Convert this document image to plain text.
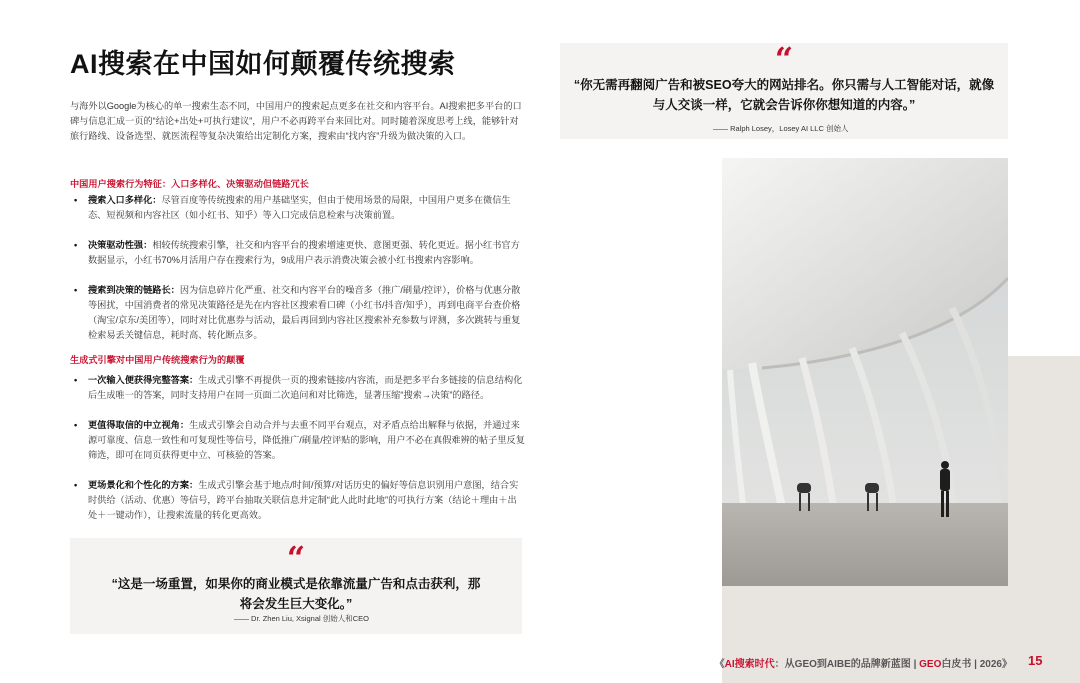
AI搜索在中国如何颠覆传统搜索
与海外以Google为核心的单一搜索生态不同，中国用户的搜索起点更多在社交和内容平台。AI搜索把多平台的口碑与信息汇成一页的“结论+出处+可执行建议”，用户不必再跨平台来回比对。同时随着深度思考上线，能够针对旅行路线、设备选型、就医流程等复杂决策给出定制化方案，搜索由“找内容”升级为做决策的入口。
中国用户搜索行为特征：入口多样化、决策驱动但链路冗长
• 搜索入口多样化：尽管百度等传统搜索的用户基础坚实，但由于使用场景的局限，中国用户更多在微信生态、短视频和内容社区（如小红书、知乎）等入口完成信息检索与决策前置。
• 决策驱动性强：相较传统搜索引擎，社交和内容平台的搜索增速更快、意图更强、转化更近。据小红书官方数据显示，小红书70%月活用户存在搜索行为，9成用户表示消费决策会被小红书搜索内容影响。
• 搜索到决策的链路长：因为信息碎片化严重、社交和内容平台的噪音多（推广/刷量/控评），价格与优惠分散等困扰，中国消费者的常见决策路径是先在内容社区搜索看口碑（小红书/抖音/知乎），再到电商平台查价格（淘宝/京东/美团等），同时对比优惠券与活动，最后再回到内容社区搜索补充参数与评测，多次跳转与重复检索易丢关键信息，耗时高、转化断点多。
生成式引擎对中国用户传统搜索行为的颠覆
• 一次输入便获得完整答案：生成式引擎不再提供一页的搜索链接/内容流，而是把多平台多链接的信息结构化后生成唯一的答案，同时支持用户在同一页面二次追问和对比筛选，显著压缩“搜索→决策”的路径。
• 更值得取信的中立视角：生成式引擎会自动合并与去重不同平台观点，对矛盾点给出解释与依据，并通过来源可靠度、信息一致性和可复现性等信号，降低推广/刷量/控评贴的影响，用户不必在真假难辨的帖子里反复筛选，即可在同页获得更中立、可核验的答案。
• 更场景化和个性化的方案：生成式引擎会基于地点/时间/预算/对话历史的偏好等信息识别用户意图，结合实时供给（活动、优惠）等信号，跨平台抽取关联信息并定制“此人此时此地”的可执行方案（结论＋理由＋出处＋一键动作），让搜索流量的转化更高效。
“
“这是一场重置，如果你的商业模式是依靠流量广告和点击获利，那将会发生巨大变化。”
—— Dr. Zhen Liu, Xsignal 创始人和CEO
“
“你无需再翻阅广告和被SEO夸大的网站排名。你只需与人工智能对话，就像与人交谈一样，它就会告诉你你想知道的内容。”
—— Ralph Losey，Losey AI LLC 创始人
《AI搜索时代：从GEO到AIBE的品牌新蓝图 | GEO白皮书 | 2026》 15
